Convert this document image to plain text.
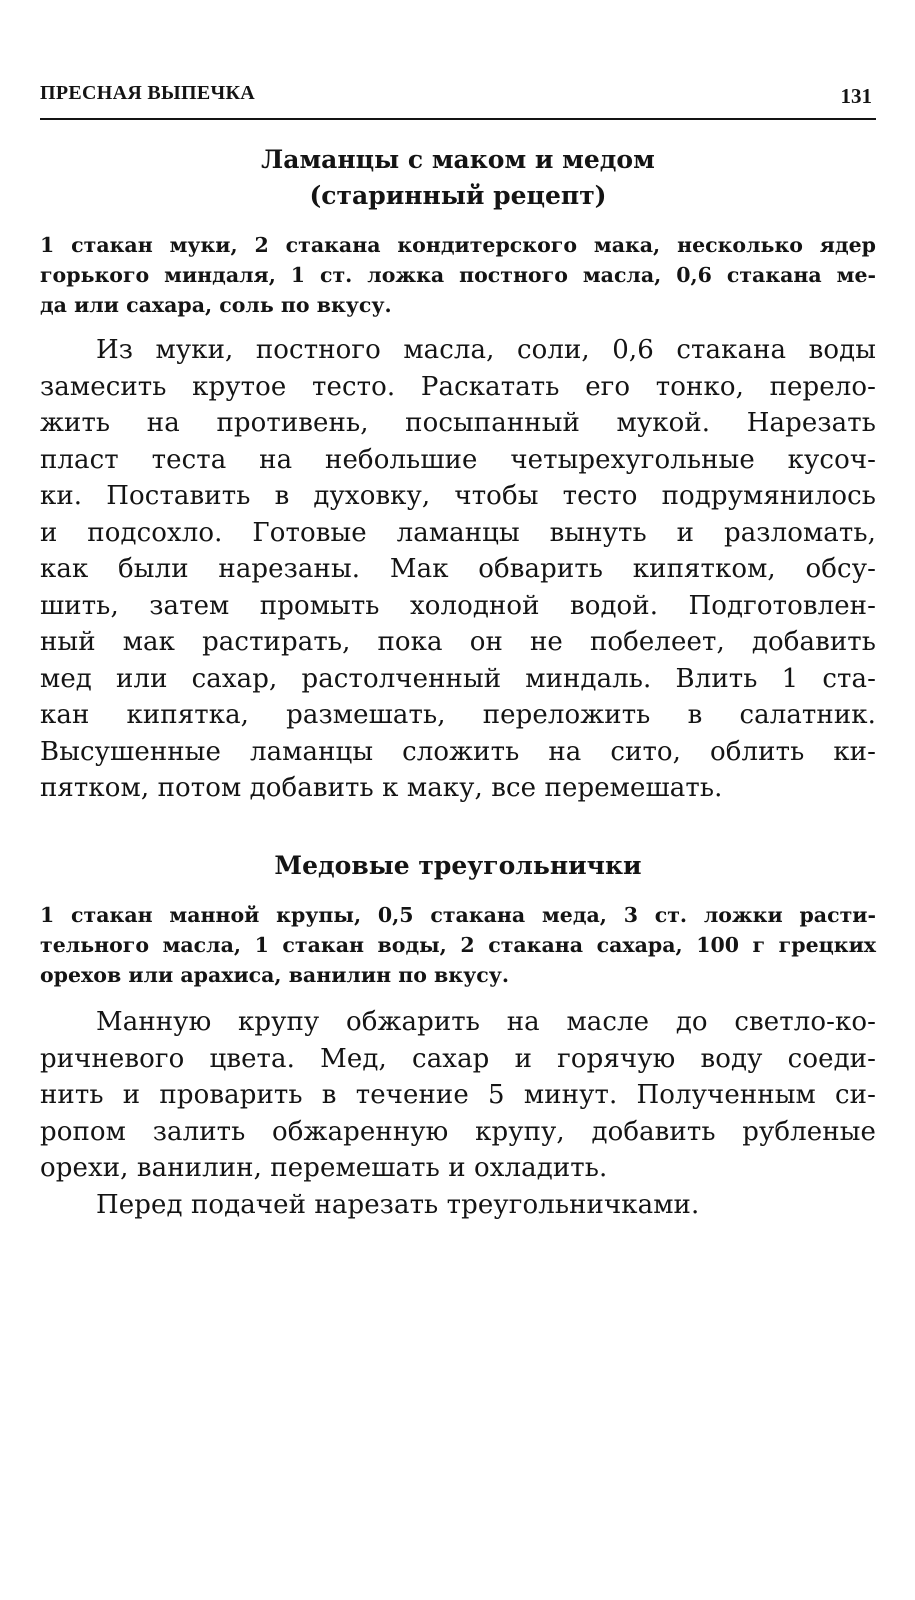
ПРЕСНАЯ ВЫПЕЧКА	131
Ламанцы с маком и медом
(старинный рецепт)
1 стакан муки, 2 стакана кондитерского мака, несколько ядер
горького миндаля, 1 ст. ложка постного масла, 0,6 стакана ме-
да или сахара, соль по вкусу.
Из муки, постного масла, соли, 0,6 стакана воды
замесить крутое тесто. Раскатать его тонко, перело-
жить на противень, посыпанный мукой. Нарезать
пласт теста на небольшие четырехугольные кусоч-
ки. Поставить в духовку, чтобы тесто подрумянилось
и подсохло. Готовые ламанцы вынуть и разломать,
как были нарезаны. Мак обварить кипятком, обсу-
шить, затем промыть холодной водой. Подготовлен-
ный мак растирать, пока он не побелеет, добавить
мед или сахар, растолченный миндаль. Влить 1 ста-
кан кипятка, размешать, переложить в салатник.
Высушенные ламанцы сложить на сито, облить ки-
пятком, потом добавить к маку, все перемешать.
Медовые треугольнички
1 стакан манной крупы, 0,5 стакана меда, 3 ст. ложки расти-
тельного масла, 1 стакан воды, 2 стакана сахара, 100 г грецких
орехов или арахиса, ванилин по вкусу.
Манную крупу обжарить на масле до светло-ко-
ричневого цвета. Мед, сахар и горячую воду соеди-
нить и проварить в течение 5 минут. Полученным си-
ропом залить обжаренную крупу, добавить рубленые
орехи, ванилин, перемешать и охладить.
Перед подачей нарезать треугольничками.
